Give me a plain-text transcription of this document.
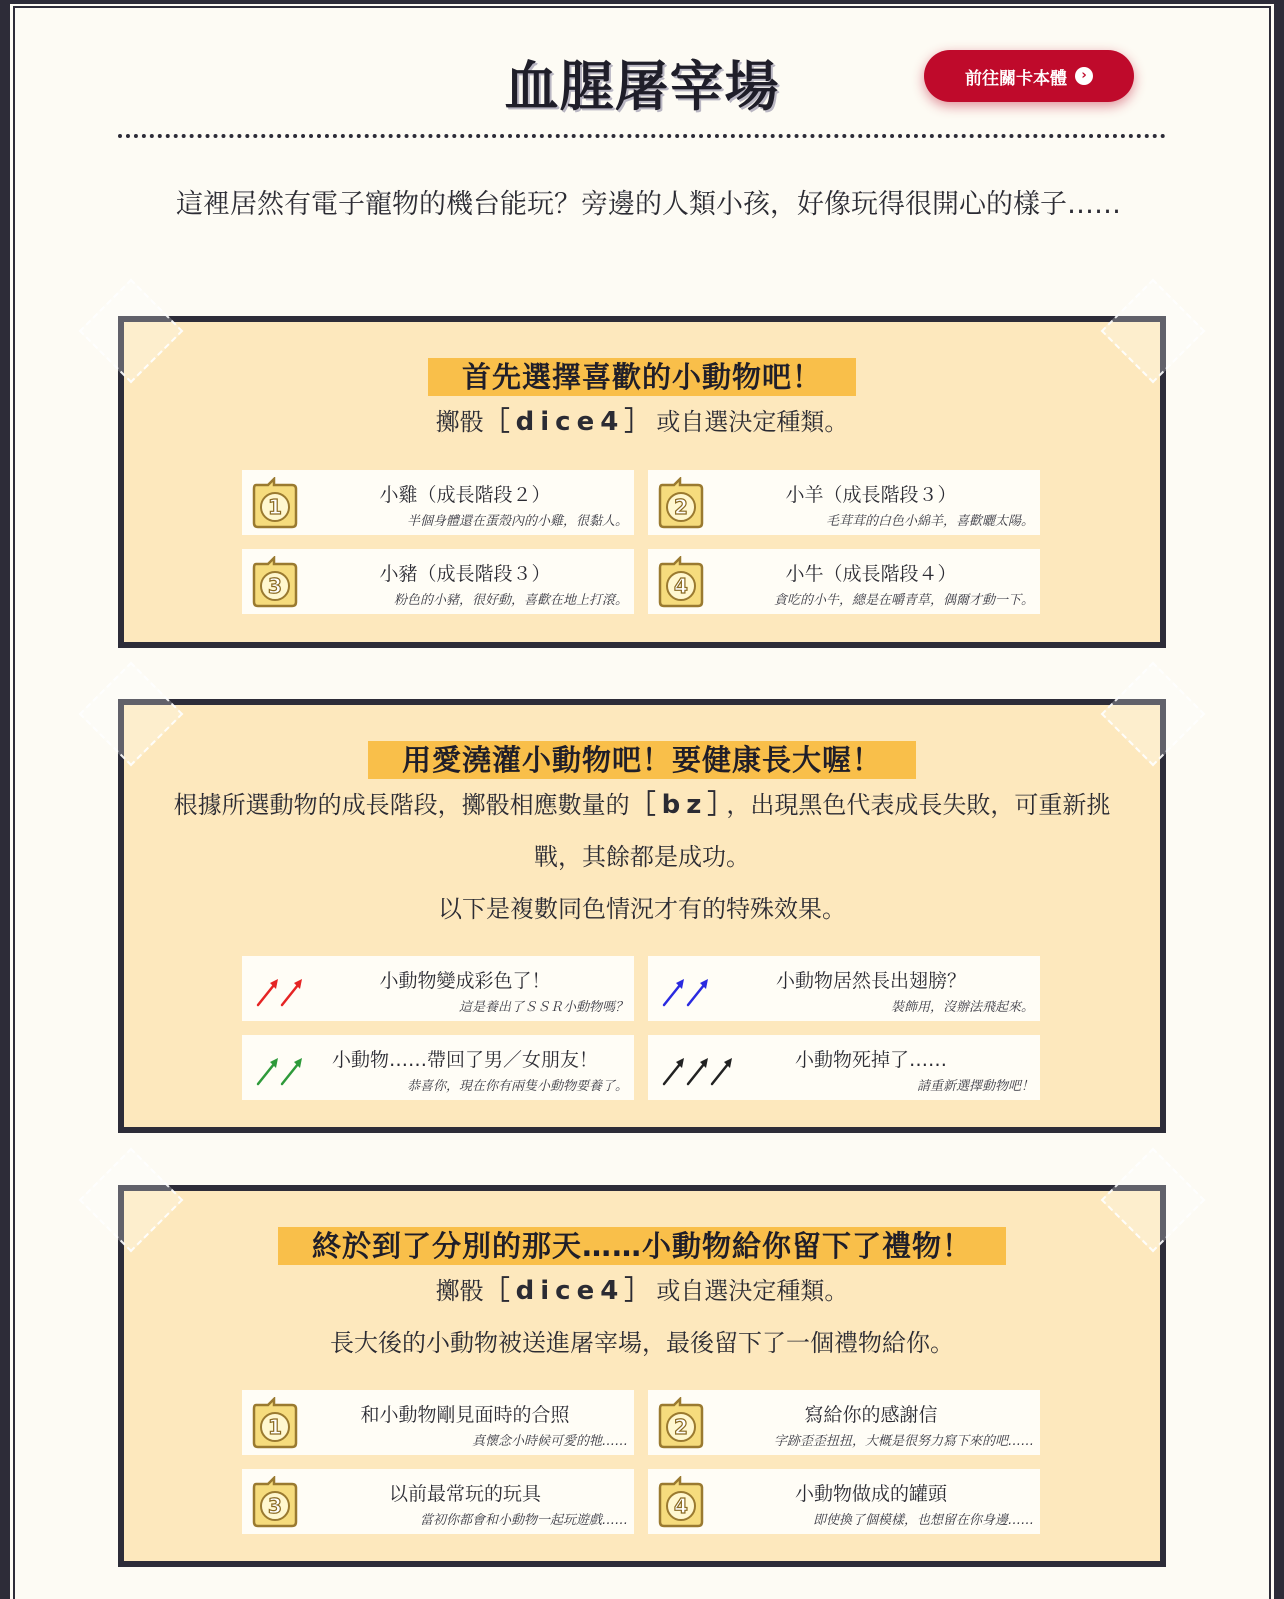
血腥屠宰場	前往關卡本體	›
這裡居然有電子寵物的機台能玩？旁邊的人類小孩，好像玩得很開心的樣子……
首先選擇喜歡的小動物吧！
擲骰［dice4］或自選決定種類。
1	小雞（成長階段２）
半個身體還在蛋殼內的小雞，很黏人。
2	小羊（成長階段３）
毛茸茸的白色小綿羊，喜歡曬太陽。
3	小豬（成長階段３）
粉色的小豬，很好動，喜歡在地上打滾。
4	小牛（成長階段４）
貪吃的小牛，總是在嚼青草，偶爾才動一下。
用愛澆灌小動物吧！要健康長大喔！
根據所選動物的成長階段，擲骰相應數量的［bz］，出現黑色代表成長失敗，可重新挑戰，其餘都是成功。
以下是複數同色情況才有的特殊效果。
小動物變成彩色了！
這是養出了ＳＳＲ小動物嗎？
小動物居然長出翅膀？
裝飾用，沒辦法飛起來。
小動物……帶回了男／女朋友！
恭喜你，現在你有兩隻小動物要養了。
小動物死掉了……
請重新選擇動物吧！
終於到了分別的那天……小動物給你留下了禮物！
擲骰［dice4］或自選決定種類。
長大後的小動物被送進屠宰場，最後留下了一個禮物給你。
1	和小動物剛見面時的合照
真懷念小時候可愛的牠……
2	寫給你的感謝信
字跡歪歪扭扭，大概是很努力寫下來的吧……
3	以前最常玩的玩具
當初你都會和小動物一起玩遊戲……
4	小動物做成的罐頭
即使換了個模樣，也想留在你身邊……
